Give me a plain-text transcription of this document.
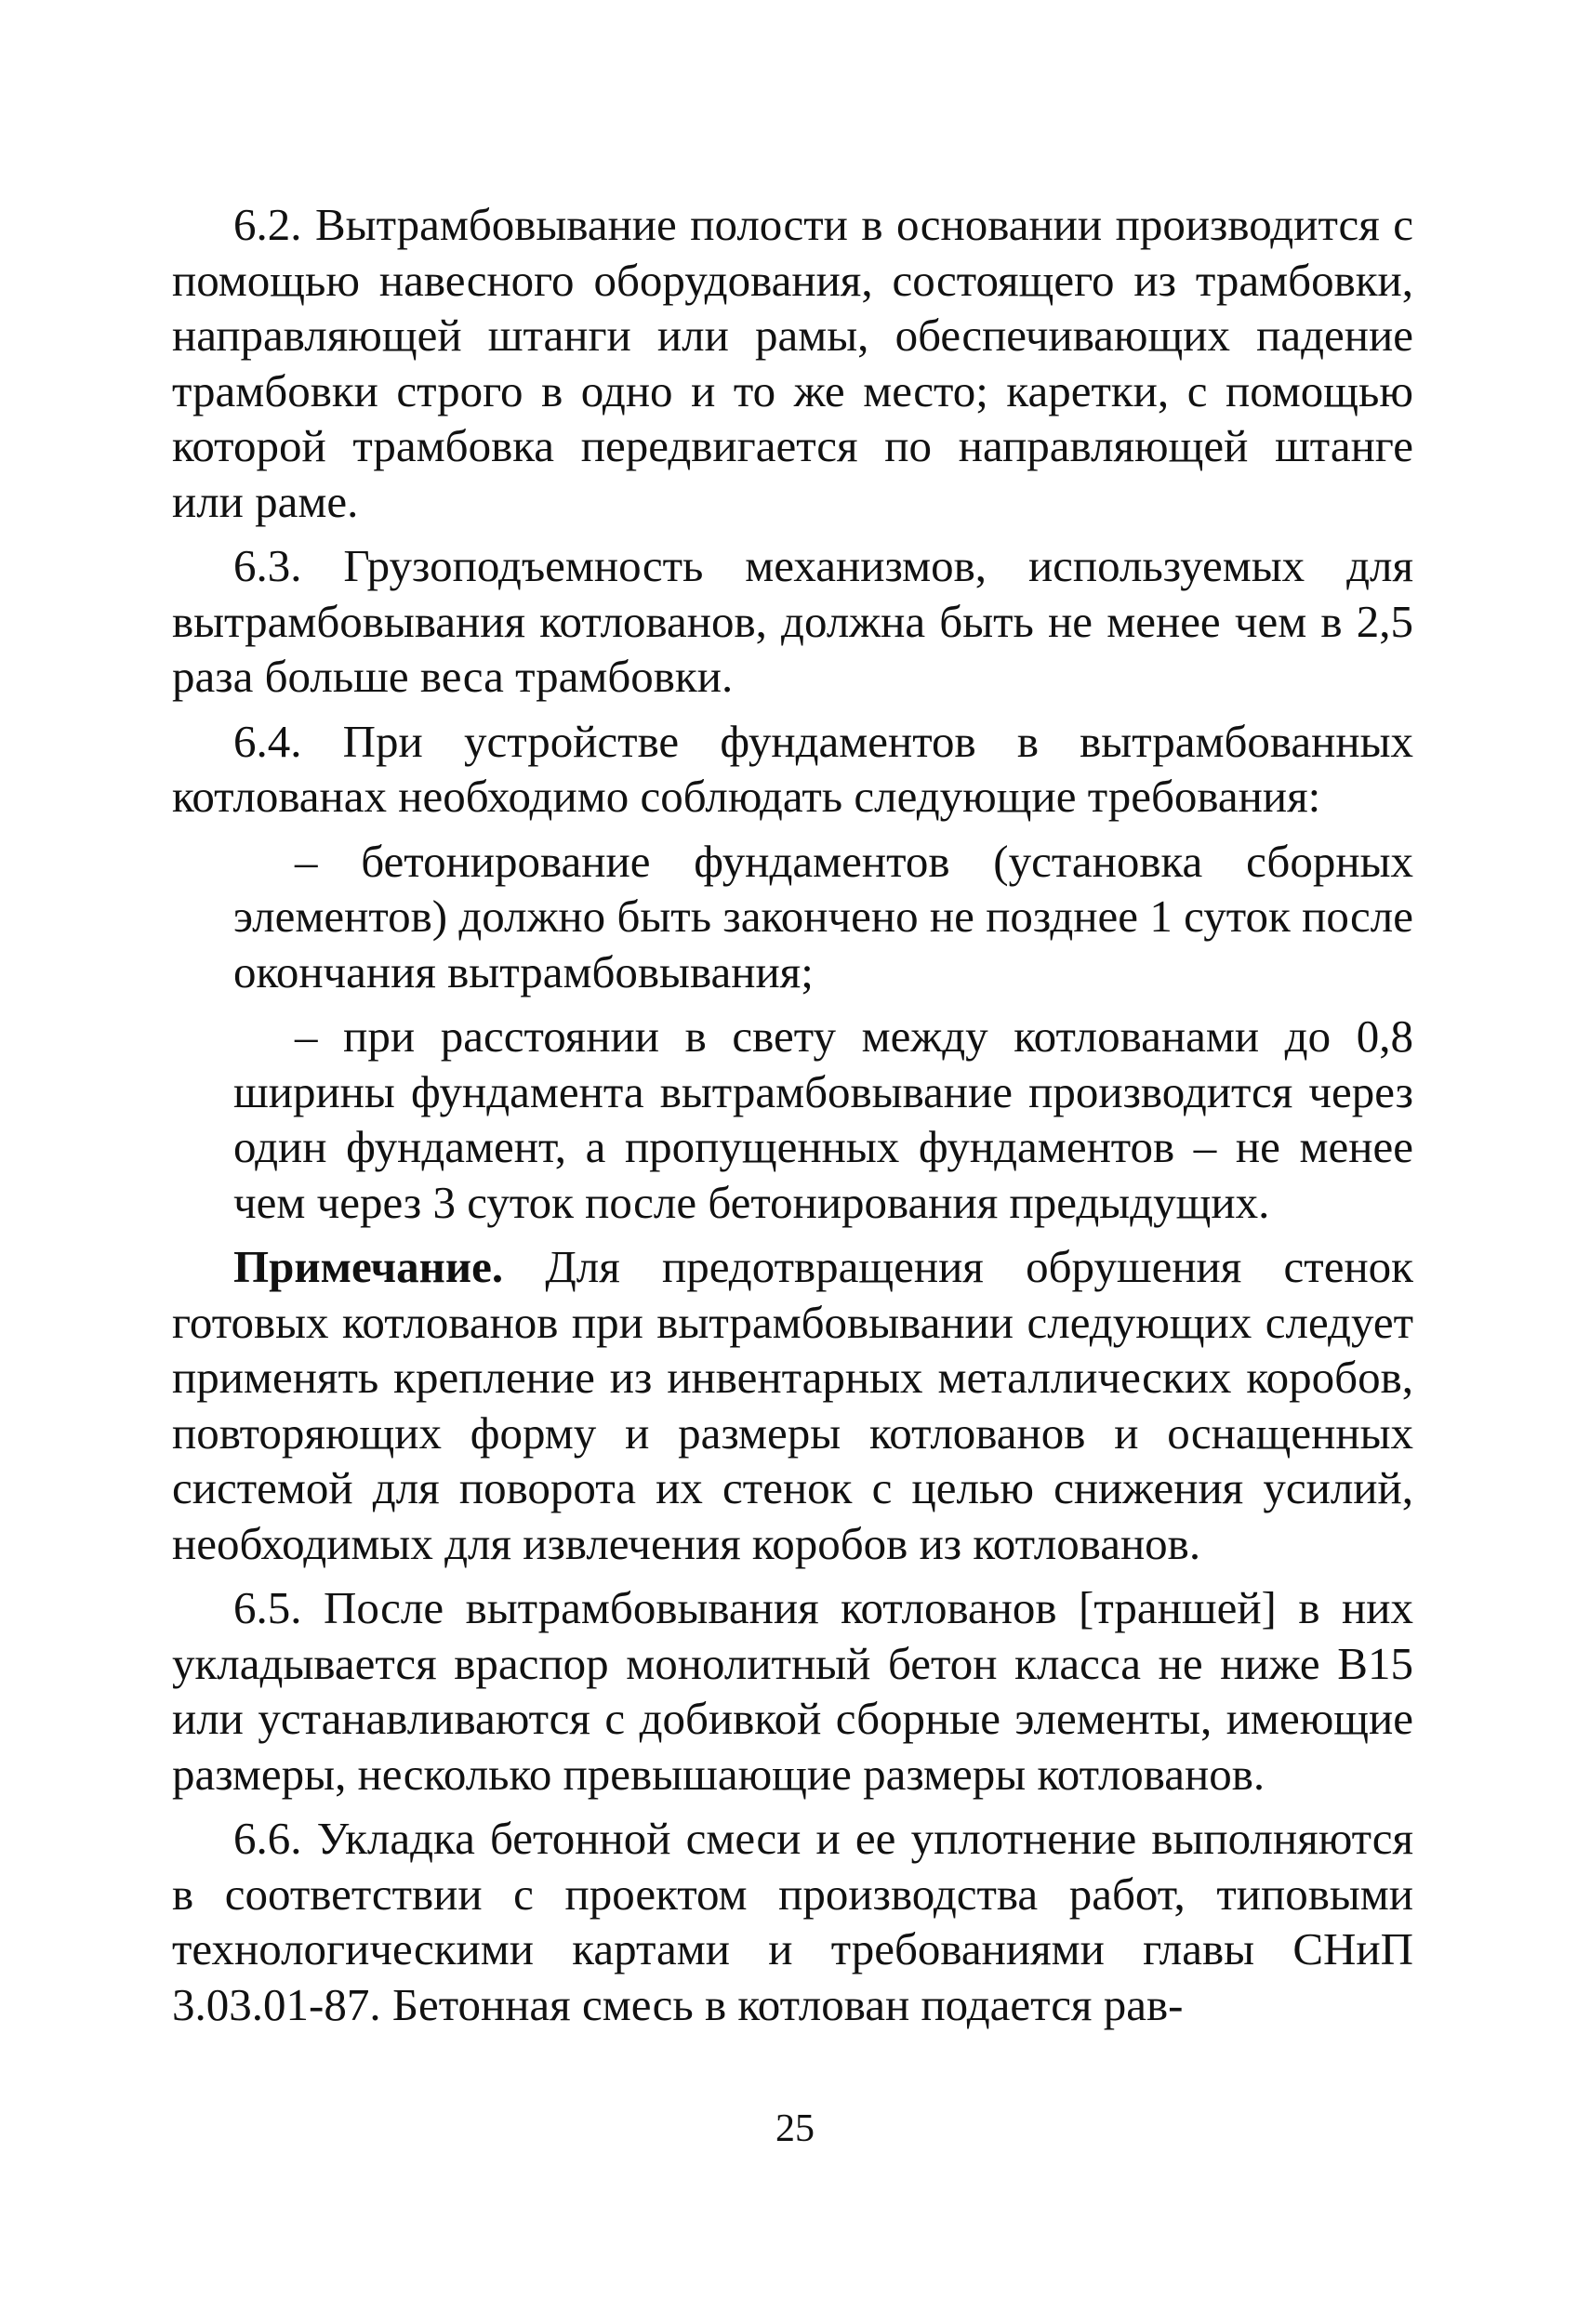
6.2. Вытрамбовывание полости в основании производится с помощью навесного оборудования, состоящего из трамбовки, направляющей штанги или рамы, обеспечивающих падение трамбовки строго в одно и то же место; каретки, с помощью которой трамбовка передвигается по направляющей штанге или раме.

6.3. Грузоподъемность механизмов, используемых для вытрамбовывания котлованов, должна быть не менее чем в 2,5 раза больше веса трамбовки.

6.4. При устройстве фундаментов в вытрамбованных котлованах необходимо соблюдать следующие требования:

– бетонирование фундаментов (установка сборных элементов) должно быть закончено не позднее 1 суток после окончания вытрамбовывания;

– при расстоянии в свету между котлованами до 0,8 ширины фундамента вытрамбовывание производится через один фундамент, а пропущенных фундаментов – не менее чем через 3 суток после бетонирования предыдущих.

Примечание. Для предотвращения обрушения стенок готовых котлованов при вытрамбовывании следующих следует применять крепление из инвентарных металлических коробов, повторяющих форму и размеры котлованов и оснащенных системой для поворота их стенок с целью снижения усилий, необходимых для извлечения коробов из котлованов.

6.5. После вытрамбовывания котлованов [траншей] в них укладывается враспор монолитный бетон класса не ниже В15 или устанавливаются с добивкой сборные элементы, имеющие размеры, несколько превышающие размеры котлованов.

6.6. Укладка бетонной смеси и ее уплотнение выполняются в соответствии с проектом производства работ, типовыми технологическими картами и требованиями главы СНиП 3.03.01-87. Бетонная смесь в котлован подается рав-

25
